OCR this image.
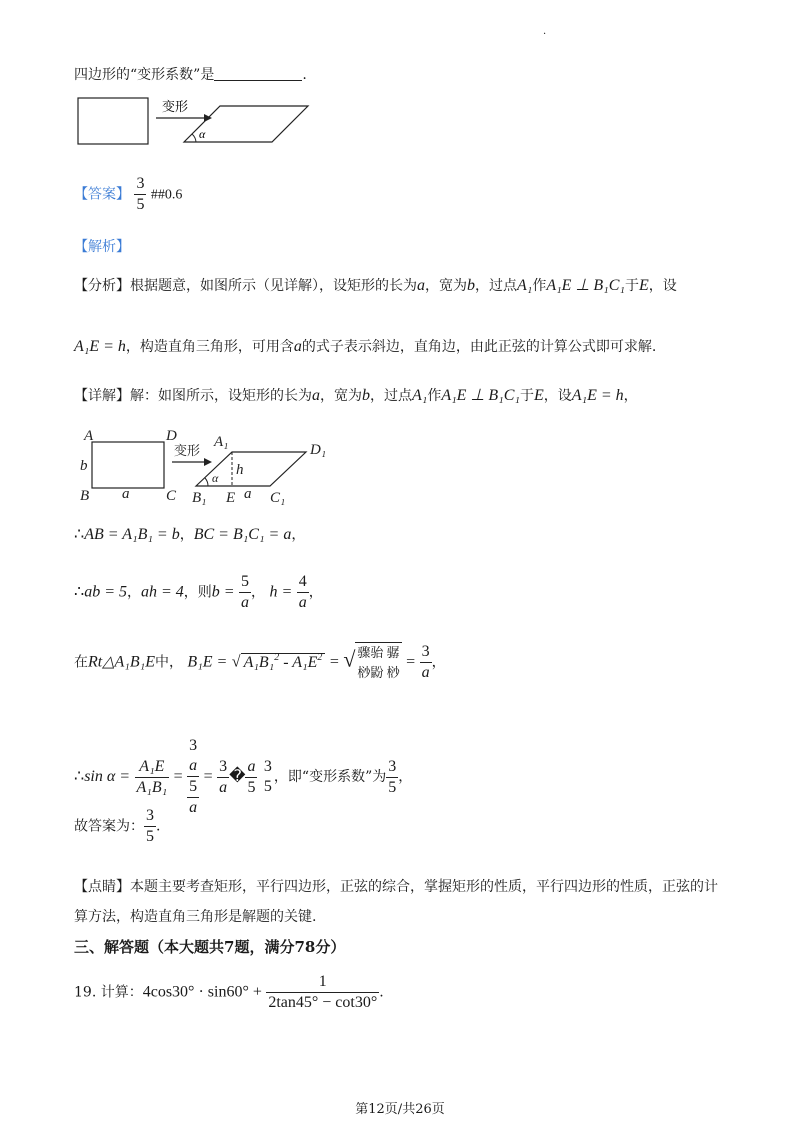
.
四边形的“变形系数”是	.
变形
α
【答案】 $\frac{3}{5}$ ##0.6
【解析】
【分析】根据题意，如图所示（见详解），设矩形的长为a，宽为b，过点A₁作A₁E ⊥ B₁C₁于E，设
A₁E = h，构造直角三角形，可用含a的式子表示斜边，直角边，由此正弦的计算公式即可求解.
【详解】解：如图所示，设矩形的长为a，宽为b，过点A₁作A₁E ⊥ B₁C₁于E，设A₁E = h，
A	D
B	C
b
a
变形
A₁	D₁
B₁ E C₁
h
α
a
∴AB = A₁B₁ = b，BC = B₁C₁ = a，
∴ab = 5，ah = 4，则$b = \frac{5}{a}$ ， $h = \frac{4}{a}$ ，
在Rt△A₁B₁E中， B₁E = √ $A_1B_1^2 - A_1E^2$ = √ 骤骀 骣
桫鼢 桫
= $\frac{3}{a}$ ，
∴sin $\alpha = \frac{\text{A₁E}}{\text{A₁B₁}}$ =
3
a
5
a
= $\frac{3}{a}$ � $\frac{a}{5}$
3
5
，即“变形系数”为 $\frac{3}{5}$ ，
故答案为： $\frac{3}{5}$ .
【点睛】本题主要考查矩形，平行四边形，正弦的综合，掌握矩形的性质，平行四边形的性质，正弦的计
算方法，构造直角三角形是解题的关键.
三、解答题（本大题共7题，满分78分）
19. 计算：$4\cos 30^\circ \cdot \sin 60^\circ + \frac{1}{2\tan 45^\circ - \cot 30^\circ}$ .
第12页/共26页
